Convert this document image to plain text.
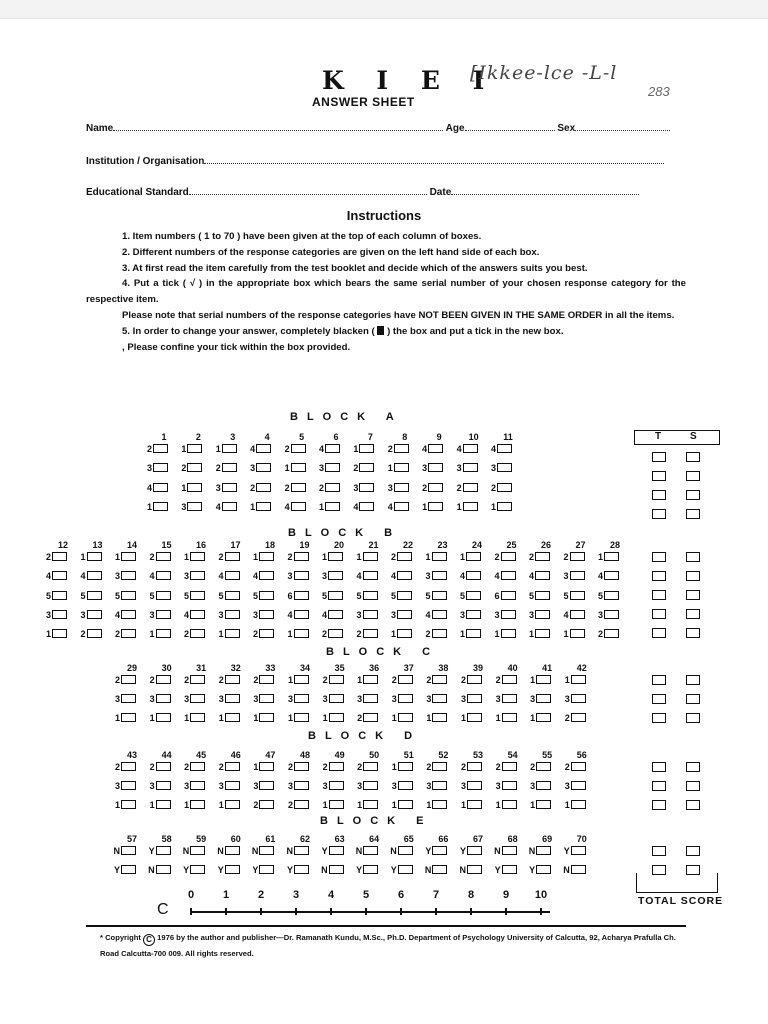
K I E I
[Ikkee-lce -L-l
283
ANSWER SHEET
Name	Age	Sex
Institution / Organisation
Educational Standard	Date
Instructions

1. Item numbers ( 1 to 70 ) have been given at the top of each column of boxes.

2. Different numbers of the response categories are given on the left hand side of each box.

3. At first read the item carefully from the test booklet and decide which of the answers suits you best.

4. Put a tick ( √ ) in the appropriate box which bears the same serial number of your chosen response category for the respective item.

Please note that serial numbers of the response categories have NOT BEEN GIVEN IN THE SAME ORDER in all the items.

5. In order to change your answer, completely blacken ( ) the box and put a tick in the new box.

, Please confine your tick within the box provided.

T	S
BLOCK A
1	2	3	4	5	6	7	8	9	10	11
2	1	1	4	2	4	1	2	4	4	4
3	2	2	3	1	3	2	1	3	3	3
4	1	3	2	2	2	3	3	2	2	2
1	3	4	1	4	1	4	4	1	1	1
BLOCK B
12	13	14	15	16	17	18	19	20	21	22	23	24	25	26	27	28
2	1	1	2	1	2	1	2	1	1	2	1	1	2	2	2	1
4	4	3	4	3	4	4	3	3	4	4	3	4	4	4	3	4
5	5	5	5	5	5	5	6	5	5	5	5	5	6	5	5	5
3	3	4	3	4	3	3	4	4	3	3	4	3	3	3	4	3
1	2	2	1	2	1	2	1	2	2	1	2	1	1	1	1	2
BLOCK C
29	30	31	32	33	34	35	36	37	38	39	40	41	42
2	2	2	2	2	1	2	1	2	2	2	2	1	1
3	3	3	3	3	3	3	3	3	3	3	3	3	3
1	1	1	1	1	1	1	2	1	1	1	1	1	2
BLOCK D
43	44	45	46	47	48	49	50	51	52	53	54	55	56
2	2	2	2	1	2	2	2	1	2	2	2	2	2
3	3	3	3	3	3	3	3	3	3	3	3	3	3
1	1	1	1	2	2	1	1	1	1	1	1	1	1
BLOCK E
57	58	59	60	61	62	63	64	65	66	67	68	69	70
N	Y	N	N	N	N	Y	N	N	Y	Y	N	N	Y
Y	N	Y	Y	Y	Y	N	Y	Y	N	N	Y	Y	N
TOTAL SCORE
C
0	1	2	3	4	5	6	7	8	9	10
* Copyright C 1976 by the author and publisher—Dr. Ramanath Kundu, M.Sc., Ph.D. Department of Psychology University of Calcutta, 92, Acharya Prafulla Ch. Road Calcutta-700 009. All rights reserved.
